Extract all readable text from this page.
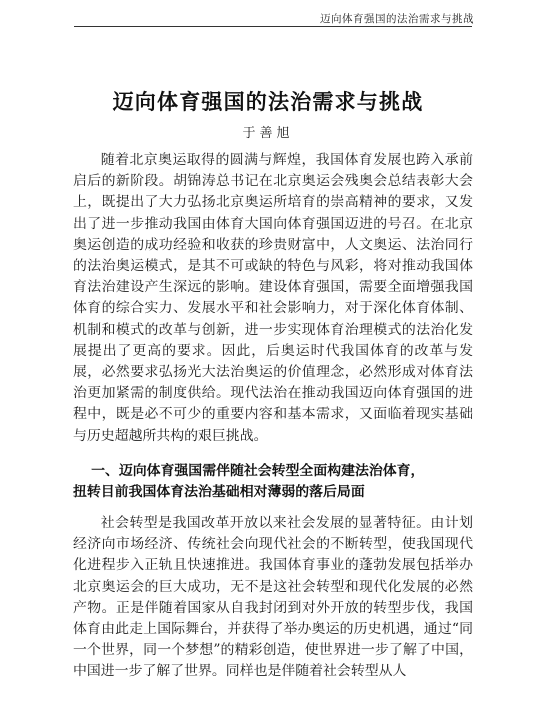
迈向体育强国的法治需求与挑战
迈向体育强国的法治需求与挑战
于善旭

随着北京奥运取得的圆满与辉煌，我国体育发展也跨入承前启后的新阶段。胡锦涛总书记在北京奥运会残奥会总结表彰大会上，既提出了大力弘扬北京奥运所培育的崇高精神的要求，又发出了进一步推动我国由体育大国向体育强国迈进的号召。在北京奥运创造的成功经验和收获的珍贵财富中，人文奥运、法治同行的法治奥运模式，是其不可或缺的特色与风彩，将对推动我国体育法治建设产生深远的影响。建设体育强国，需要全面增强我国体育的综合实力、发展水平和社会影响力，对于深化体育体制、机制和模式的改革与创新，进一步实现体育治理模式的法治化发展提出了更高的要求。因此，后奥运时代我国体育的改革与发展，必然要求弘扬光大法治奥运的价值理念，必然形成对体育法治更加紧需的制度供给。现代法治在推动我国迈向体育强国的进程中，既是必不可少的重要内容和基本需求，又面临着现实基础与历史超越所共构的艰巨挑战。

一、迈向体育强国需伴随社会转型全面构建法治体育，
扭转目前我国体育法治基础相对薄弱的落后局面

社会转型是我国改革开放以来社会发展的显著特征。由计划经济向市场经济、传统社会向现代社会的不断转型，使我国现代化进程步入正轨且快速推进。我国体育事业的蓬勃发展包括举办北京奥运会的巨大成功，无不是这社会转型和现代化发展的必然产物。正是伴随着国家从自我封闭到对外开放的转型步伐，我国体育由此走上国际舞台，并获得了举办奥运的历史机遇，通过“同一个世界，同一个梦想”的精彩创造，使世界进一步了解了中国，中国进一步了解了世界。同样也是伴随着社会转型从人
